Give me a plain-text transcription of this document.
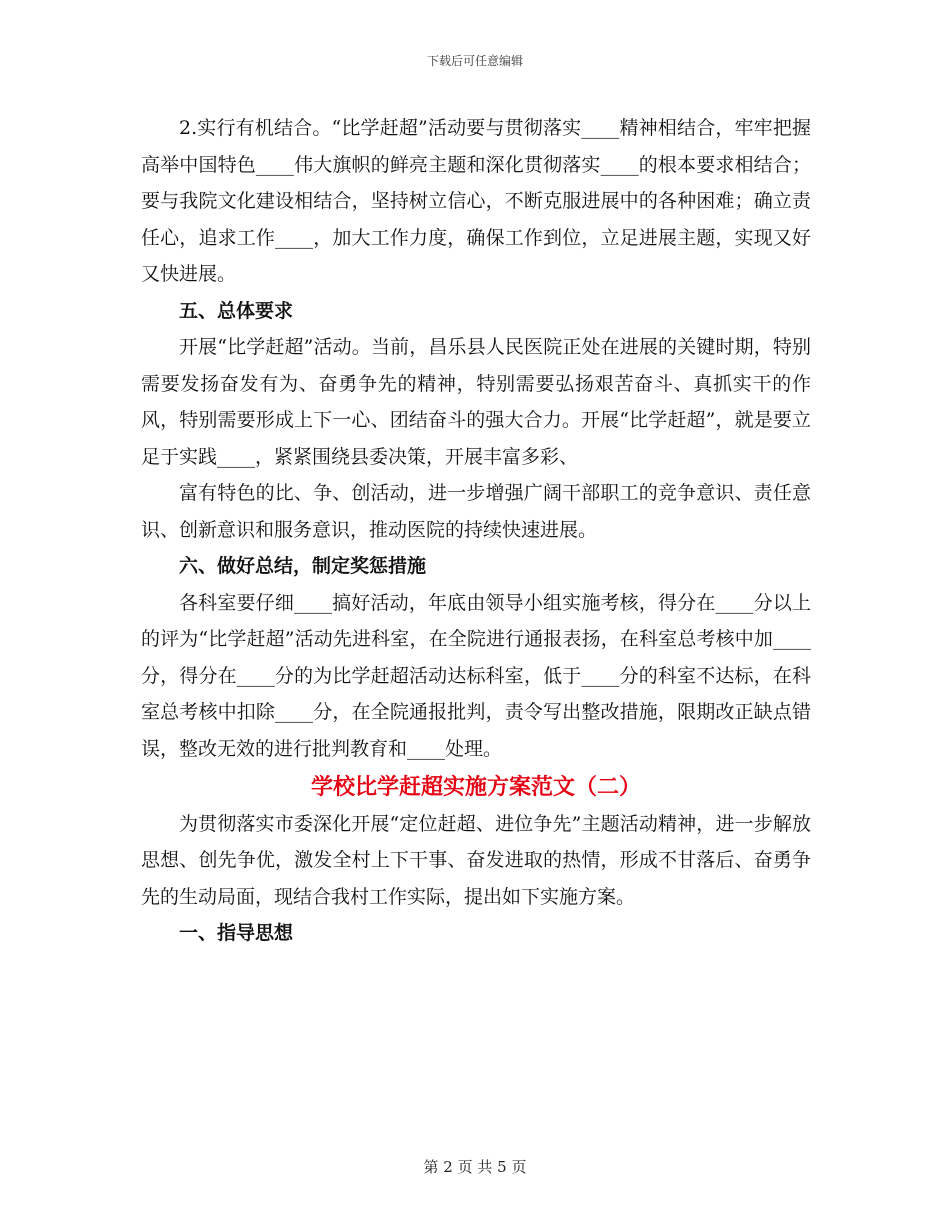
下载后可任意编辑

2.实行有机结合。“比学赶超”活动要与贯彻落实____精神相结合，牢牢把握高举中国特色____伟大旗帜的鲜亮主题和深化贯彻落实____的根本要求相结合；要与我院文化建设相结合，坚持树立信心，不断克服进展中的各种困难；确立责任心，追求工作____，加大工作力度，确保工作到位，立足进展主题，实现又好又快进展。

五、总体要求

开展“比学赶超”活动。当前，昌乐县人民医院正处在进展的关键时期，特别需要发扬奋发有为、奋勇争先的精神，特别需要弘扬艰苦奋斗、真抓实干的作风，特别需要形成上下一心、团结奋斗的强大合力。开展“比学赶超”，就是要立足于实践____，紧紧围绕县委决策，开展丰富多彩、

富有特色的比、争、创活动，进一步增强广阔干部职工的竞争意识、责任意识、创新意识和服务意识，推动医院的持续快速进展。

六、做好总结，制定奖惩措施

各科室要仔细____搞好活动，年底由领导小组实施考核，得分在____分以上的评为“比学赶超”活动先进科室，在全院进行通报表扬，在科室总考核中加____分，得分在____分的为比学赶超活动达标科室，低于____分的科室不达标，在科室总考核中扣除____分，在全院通报批判，责令写出整改措施，限期改正缺点错误，整改无效的进行批判教育和____处理。

学校比学赶超实施方案范文（二）

为贯彻落实市委深化开展“定位赶超、进位争先”主题活动精神，进一步解放思想、创先争优，激发全村上下干事、奋发进取的热情，形成不甘落后、奋勇争先的生动局面，现结合我村工作实际，提出如下实施方案。

一、指导思想

第 2 页 共 5 页
